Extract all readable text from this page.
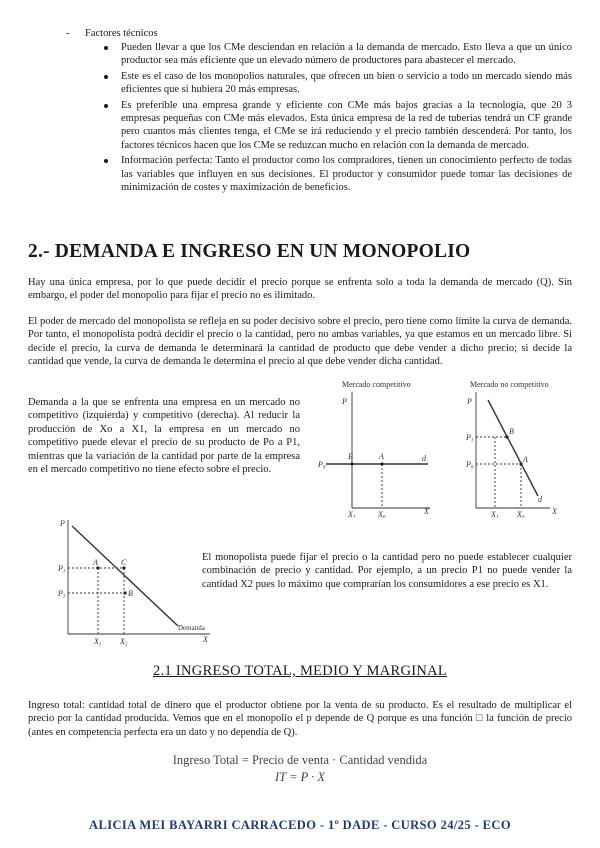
- Factores técnicos
Pueden llevar a que los CMe desciendan en relación a la demanda de mercado. Esto lleva a que un único productor sea más eficiente que un elevado número de productores para abastecer el mercado.
Este es el caso de los monopolios naturales, que ofrecen un bien o servicio a todo un mercado siendo más eficientes que si hubiera 20 más empresas.
Es preferible una empresa grande y eficiente con CMe más bajos gracias a la tecnología, que 20 3 empresas pequeñas con CMe más elevados. Esta única empresa de la red de tuberías tendrá un CF grande pero cuantos más clientes tenga, el CMe se irá reduciendo y el precio también descenderá. Por tanto, los factores técnicos hacen que los CMe se reduzcan mucho en relación con la demanda de mercado.
Información perfecta: Tanto el productor como los compradores, tienen un conocimiento perfecto de todas las variables que influyen en sus decisiones. El productor y consumidor puede tomar las decisiones de minimización de costes y maximización de beneficios.
2.- DEMANDA E INGRESO EN UN MONOPOLIO

Hay una única empresa, por lo que puede decidir el precio porque se enfrenta solo a toda la demanda de mercado (Q). Sin embargo, el poder del monopolio para fijar el precio no es ilimitado.

El poder de mercado del monopolista se refleja en su poder decisivo sobre el precio, pero tiene como límite la curva de demanda. Por tanto, el monopolista podrá decidir el precio o la cantidad, pero no ambas variables, ya que estamos en un mercado libre. Si decide el precio, la curva de demanda le determinará la cantidad de producto que debe vender a dicho precio; si decide la cantidad que vende, la curva de demanda le determina el precio al que debe vender dicha cantidad.

Demanda a la que se enfrenta una empresa en un mercado no competitivo (izquierda) y competitivo (derecha). Al reducir la producción de Xo a X1, la empresa en un mercado no competitivo puede elevar el precio de su producto de Po a P1, mientras que la variación de la cantidad por parte de la empresa en el mercado competitivo no tiene efecto sobre el precio.

Mercado competitivo	Mercado no competitivo
P	P
P0
P1
P0
B	A
B
A
d
d
X1	X0
X	X1 X0
X
P
P1
P2
A	C
B
X1 X2
X
Demanda

El monopolista puede fijar el precio o la cantidad pero no puede establecer cualquier combinación de precio y cantidad. Por ejemplo, a un precio P1 no puede vender la cantidad X2 pues lo máximo que comprarían los consumidores a ese precio es X1.

2.1 INGRESO TOTAL, MEDIO Y MARGINAL

Ingreso total: cantidad total de dinero que el productor obtiene por la venta de su producto. Es el resultado de multiplicar el precio por la cantidad producida. Vemos que en el monopolio el p depende de Q porque es una función □ la función de precio (antes en competencia perfecta era un dato y no dependía de Q).

Ingreso Total = Precio de venta · Cantidad vendida
IT = P · X
ALICIA MEI BAYARRI CARRACEDO - 1º DADE - CURSO 24/25 - ECO
